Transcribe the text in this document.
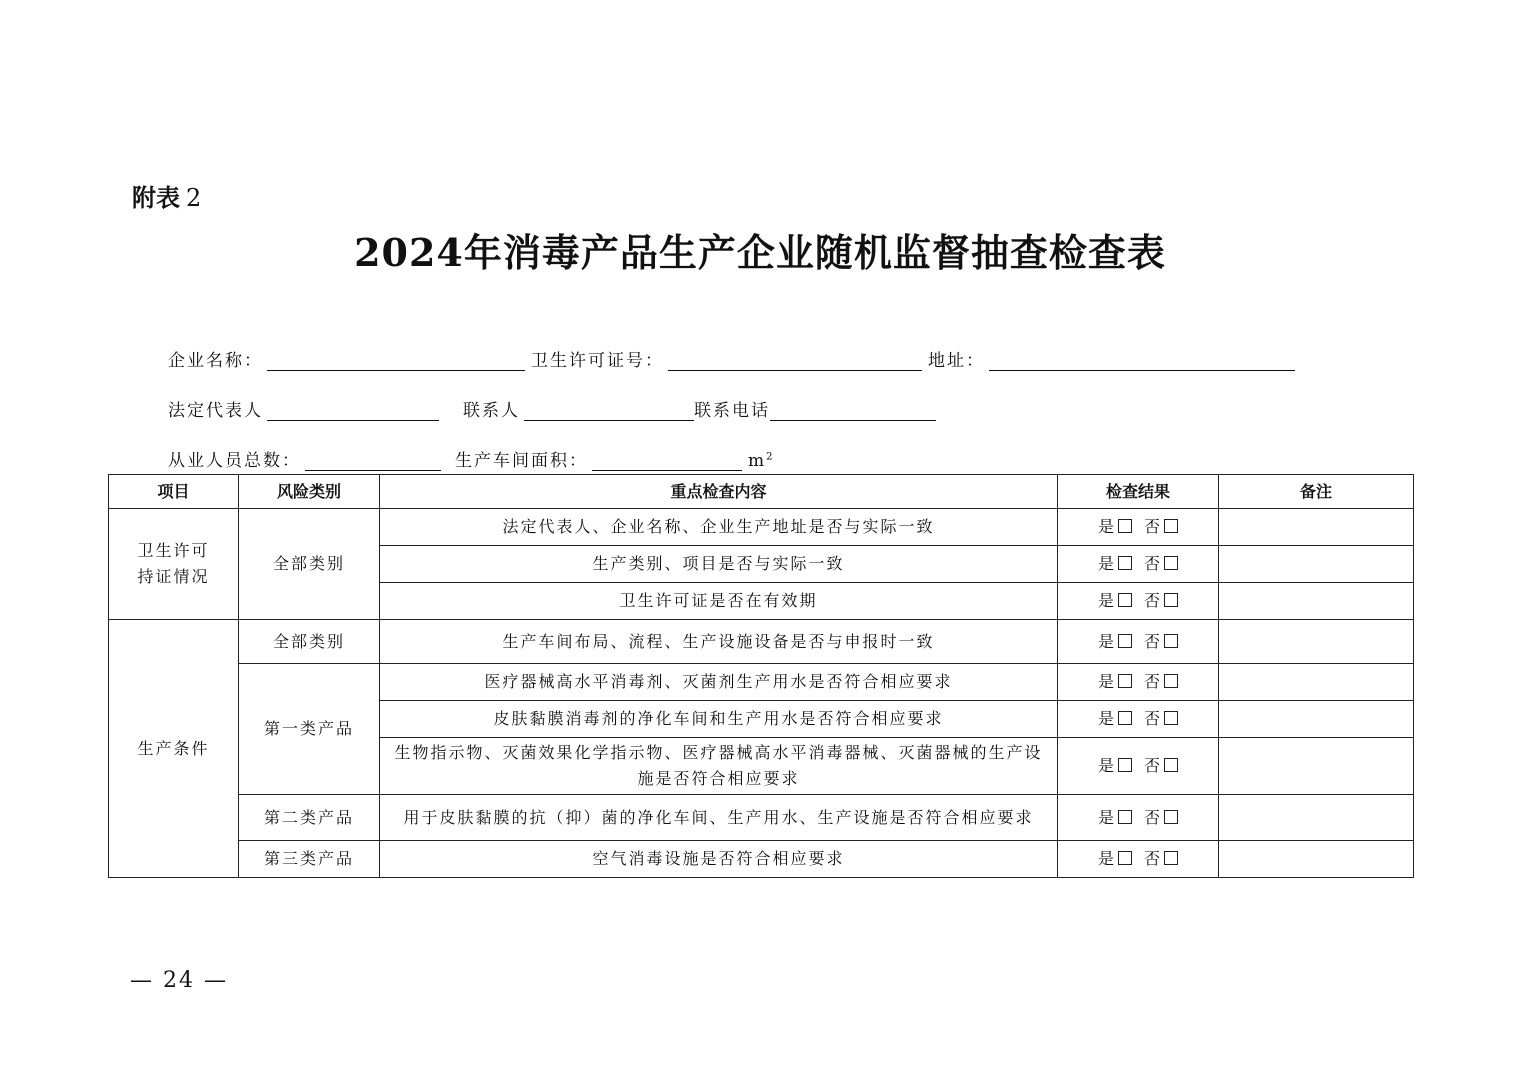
附表 2
2024年消毒产品生产企业随机监督抽查检查表
企业名称：	卫生许可证号：	地址：
法定代表人	联系人	联系电话
从业人员总数：	生产车间面积：	$m^2$
项目	风险类别	重点检查内容	检查结果	备注
卫生许可
持证情况	全部类别	法定代表人、企业名称、企业生产地址是否与实际一致	是 否	
		生产类别、项目是否与实际一致	是 否	
		卫生许可证是否在有效期	是 否	
生产条件	全部类别	生产车间布局、流程、生产设施设备是否与申报时一致	是 否	
	第一类产品	医疗器械高水平消毒剂、灭菌剂生产用水是否符合相应要求	是 否	
		皮肤黏膜消毒剂的净化车间和生产用水是否符合相应要求	是 否	
		生物指示物、灭菌效果化学指示物、医疗器械高水平消毒器械、灭菌器械的生产设施是否符合相应要求	是 否	
	第二类产品	用于皮肤黏膜的抗（抑）菌的净化车间、生产用水、生产设施是否符合相应要求	是 否	
	第三类产品	空气消毒设施是否符合相应要求	是 否	
— 24 —
